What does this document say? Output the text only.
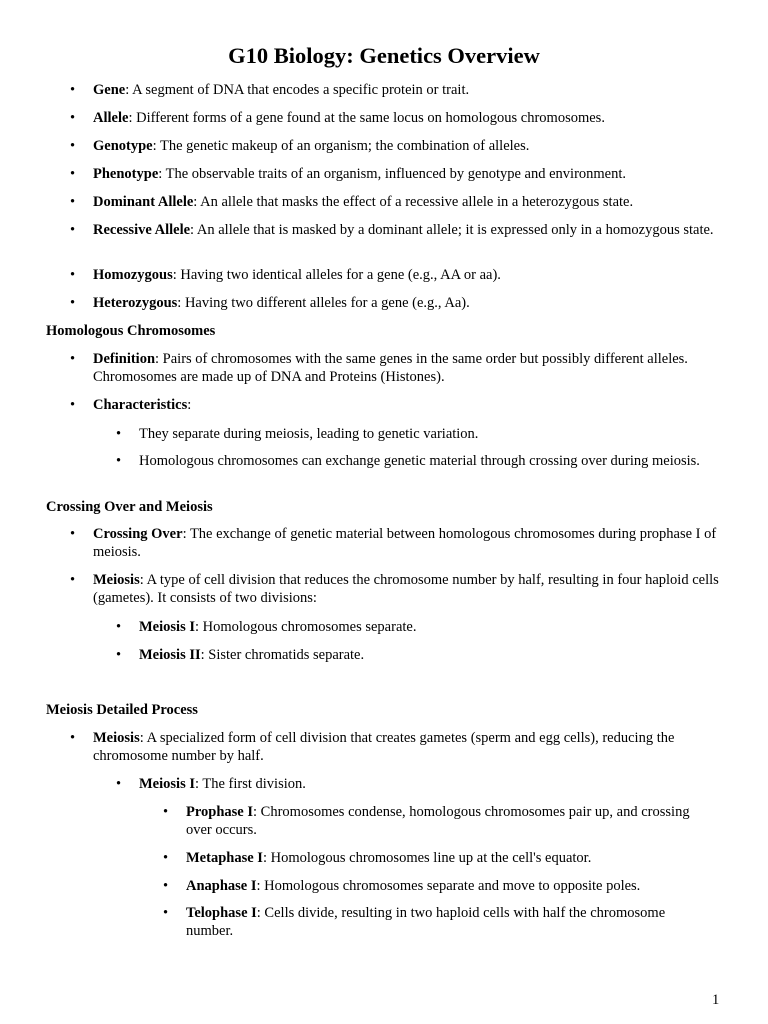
G10 Biology: Genetics Overview
• Gene: A segment of DNA that encodes a specific protein or trait.
• Allele: Different forms of a gene found at the same locus on homologous chromosomes.
• Genotype: The genetic makeup of an organism; the combination of alleles.
• Phenotype: The observable traits of an organism, influenced by genotype and environment.
• Dominant Allele: An allele that masks the effect of a recessive allele in a heterozygous state.
• Recessive Allele: An allele that is masked by a dominant allele; it is expressed only in a homozygous state.
• Homozygous: Having two identical alleles for a gene (e.g., AA or aa).
• Heterozygous: Having two different alleles for a gene (e.g., Aa).
Homologous Chromosomes
• Definition: Pairs of chromosomes with the same genes in the same order but possibly different alleles. Chromosomes are made up of DNA and Proteins (Histones).
• Characteristics:
• They separate during meiosis, leading to genetic variation.
• Homologous chromosomes can exchange genetic material through crossing over during meiosis.
Crossing Over and Meiosis
• Crossing Over: The exchange of genetic material between homologous chromosomes during prophase I of meiosis.
• Meiosis: A type of cell division that reduces the chromosome number by half, resulting in four haploid cells (gametes). It consists of two divisions:
• Meiosis I: Homologous chromosomes separate.
• Meiosis II: Sister chromatids separate.
Meiosis Detailed Process
• Meiosis: A specialized form of cell division that creates gametes (sperm and egg cells), reducing the chromosome number by half.
• Meiosis I: The first division.
• Prophase I: Chromosomes condense, homologous chromosomes pair up, and crossing over occurs.
• Metaphase I: Homologous chromosomes line up at the cell's equator.
• Anaphase I: Homologous chromosomes separate and move to opposite poles.
• Telophase I: Cells divide, resulting in two haploid cells with half the chromosome number.
1
